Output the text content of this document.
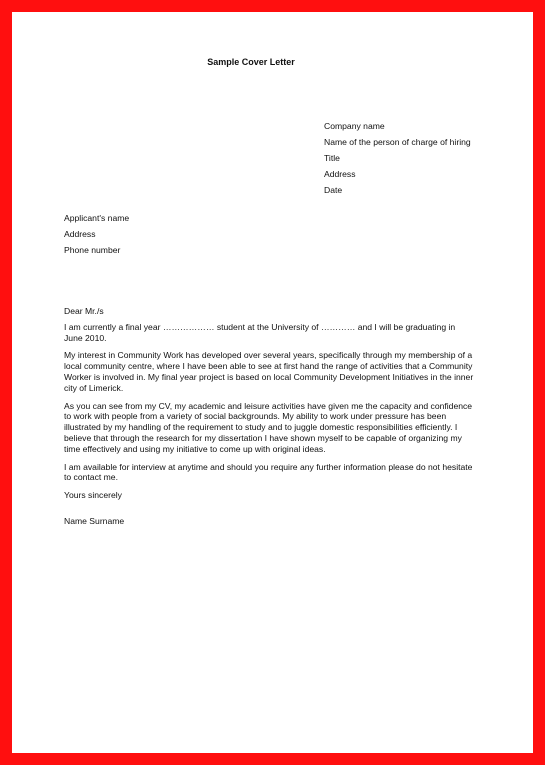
Sample Cover Letter
Company name
Name of the person of charge of hiring
Title
Address
Date
Applicant's name
Address
Phone number

Dear Mr./s

I am currently a final year ……………… student at the University of ………… and I will be graduating in June 2010.

My interest in Community Work has developed over several years, specifically through my membership of a local community centre, where I have been able to see at first hand the range of activities that a Community Worker is involved in. My final year project is based on local Community Development Initiatives in the inner city of Limerick.

As you can see from my CV, my academic and leisure activities have given me the capacity and confidence to work with people from a variety of social backgrounds. My ability to work under pressure has been illustrated by my handling of the requirement to study and to juggle domestic responsibilities efficiently. I believe that through the research for my dissertation I have shown myself to be capable of organizing my time effectively and using my initiative to come up with original ideas.

I am available for interview at anytime and should you require any further information please do not hesitate to contact me.

Yours sincerely

Name Surname
